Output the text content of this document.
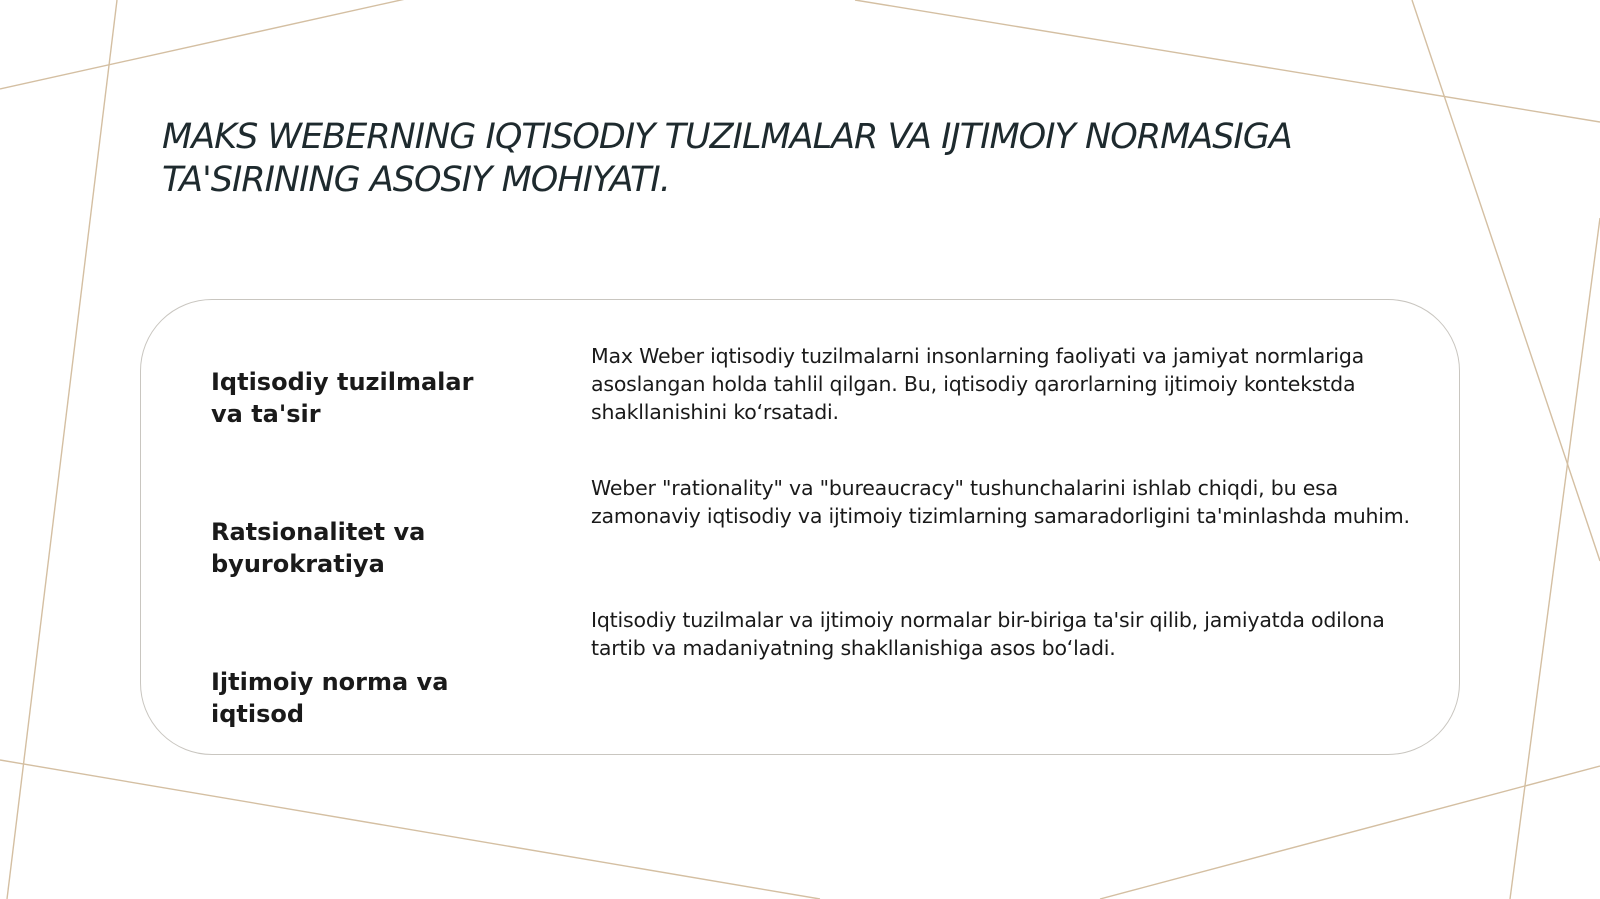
MAKS WEBERNING IQTISODIY TUZILMALAR VA IJTIMOIY NORMASIGA TA'SIRINING ASOSIY MOHIYATI.

Iqtisodiy tuzilmalar va ta'sir

Ratsionalitet va byurokratiya

Ijtimoiy norma va iqtisod

Max Weber iqtisodiy tuzilmalarni insonlarning faoliyati va jamiyat normlariga asoslangan holda tahlil qilgan. Bu, iqtisodiy qarorlarning ijtimoiy kontekstda shakllanishini ko‘rsatadi.

Weber "rationality" va "bureaucracy" tushunchalarini ishlab chiqdi, bu esa zamonaviy iqtisodiy va ijtimoiy tizimlarning samaradorligini ta'minlashda muhim.

Iqtisodiy tuzilmalar va ijtimoiy normalar bir-biriga ta'sir qilib, jamiyatda odilona tartib va madaniyatning shakllanishiga asos bo‘ladi.
